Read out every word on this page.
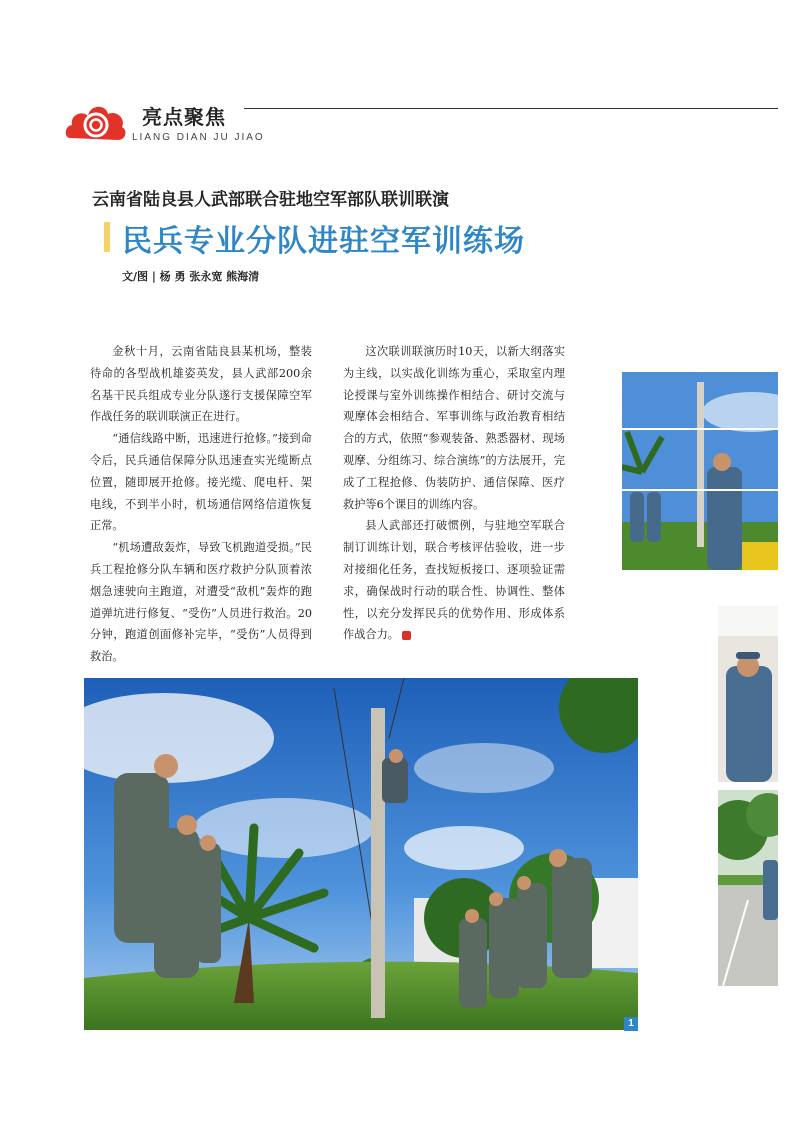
亮点聚焦
LIANG DIAN JU JIAO
云南省陆良县人武部联合驻地空军部队联训联演
民兵专业分队进驻空军训练场
文/图 | 杨 勇 张永宽 熊海清

金秋十月，云南省陆良县某机场，整装待命的各型战机雄姿英发，县人武部200余名基干民兵组成专业分队遂行支援保障空军作战任务的联训联演正在进行。

“通信线路中断，迅速进行抢修。”接到命令后，民兵通信保障分队迅速查实光缆断点位置，随即展开抢修。接光缆、爬电杆、架电线，不到半小时，机场通信网络信道恢复正常。

“机场遭敌轰炸，导致飞机跑道受损。”民兵工程抢修分队车辆和医疗救护分队顶着浓烟急速驶向主跑道，对遭受“敌机”轰炸的跑道弹坑进行修复、“受伤”人员进行救治。20分钟，跑道创面修补完毕，“受伤”人员得到救治。

这次联训联演历时10天，以新大纲落实为主线，以实战化训练为重心，采取室内理论授课与室外训练操作相结合、研讨交流与观摩体会相结合、军事训练与政治教育相结合的方式，依照“参观装备、熟悉器材、现场观摩、分组练习、综合演练”的方法展开，完成了工程抢修、伪装防护、通信保障、医疗救护等6个课目的训练内容。

县人武部还打破惯例，与驻地空军联合制订训练计划，联合考核评估验收，进一步对接细化任务，查找短板接口、逐项验证需求，确保战时行动的联合性、协调性、整体性，以充分发挥民兵的优势作用、形成体系作战合力。

1
